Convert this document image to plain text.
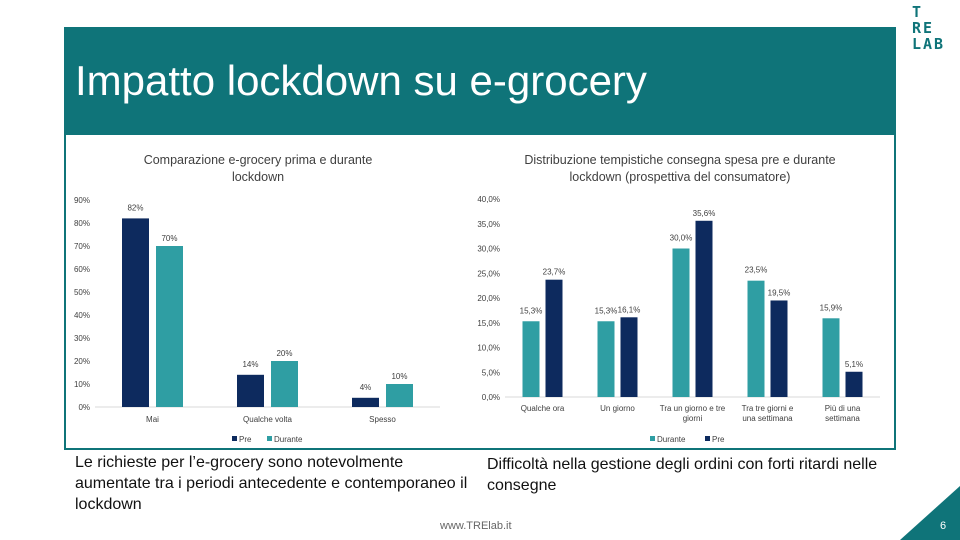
Impatto lockdown su e-grocery
T
RE
LAB
Comparazione e-grocery prima e durante lockdown
Distribuzione tempistiche consegna spesa pre e durante lockdown (prospettiva del consumatore)
0%
10%
20%
30%
40%
50%
60%
70%
80%
90%
82%
70%
Mai
14%
20%
Qualche volta
4%
10%
Spesso
Pre	Durante
0,0%
5,0%
10,0%
15,0%
20,0%
25,0%
30,0%
35,0%
40,0%
15,3%
23,7%
Qualche ora
15,3% 16,1%
Un giorno
30,0%
35,6%
Tra un giorno e tre
giorni
23,5%
19,5%
Tra tre giorni e
una settimana
15,9%
5,1%
Più di una
settimana
Durante	Pre
Le richieste per l’e-grocery sono notevolmente aumentate tra i periodi antecedente e contemporaneo il lockdown
Difficoltà nella gestione degli ordini con forti ritardi nelle consegne
www.TRElab.it	6
